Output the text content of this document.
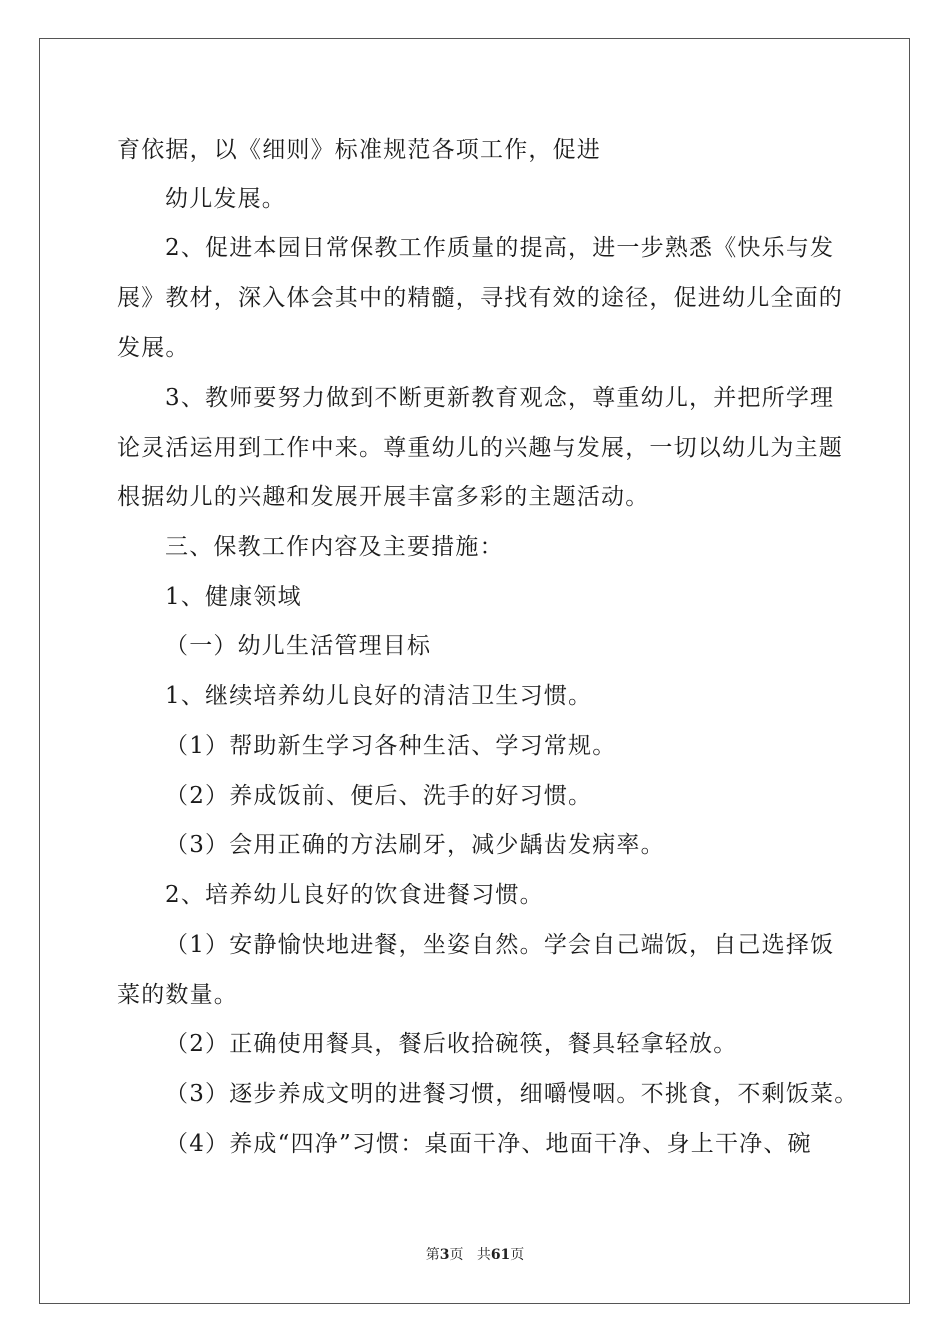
育依据，以《细则》标准规范各项工作，促进
幼儿发展。
2、促进本园日常保教工作质量的提高，进一步熟悉《快乐与发
展》教材，深入体会其中的精髓，寻找有效的途径，促进幼儿全面的
发展。
3、教师要努力做到不断更新教育观念，尊重幼儿，并把所学理
论灵活运用到工作中来。尊重幼儿的兴趣与发展，一切以幼儿为主题
根据幼儿的兴趣和发展开展丰富多彩的主题活动。
三、保教工作内容及主要措施：
1、健康领域
（一）幼儿生活管理目标
1、继续培养幼儿良好的清洁卫生习惯。
（1）帮助新生学习各种生活、学习常规。
（2）养成饭前、便后、洗手的好习惯。
（3）会用正确的方法刷牙，减少龋齿发病率。
2、培养幼儿良好的饮食进餐习惯。
（1）安静愉快地进餐，坐姿自然。学会自己端饭，自己选择饭
菜的数量。
（2）正确使用餐具，餐后收拾碗筷，餐具轻拿轻放。
（3）逐步养成文明的进餐习惯，细嚼慢咽。不挑食，不剩饭菜。
（4）养成“四净”习惯：桌面干净、地面干净、身上干净、碗
第3页 共61页
